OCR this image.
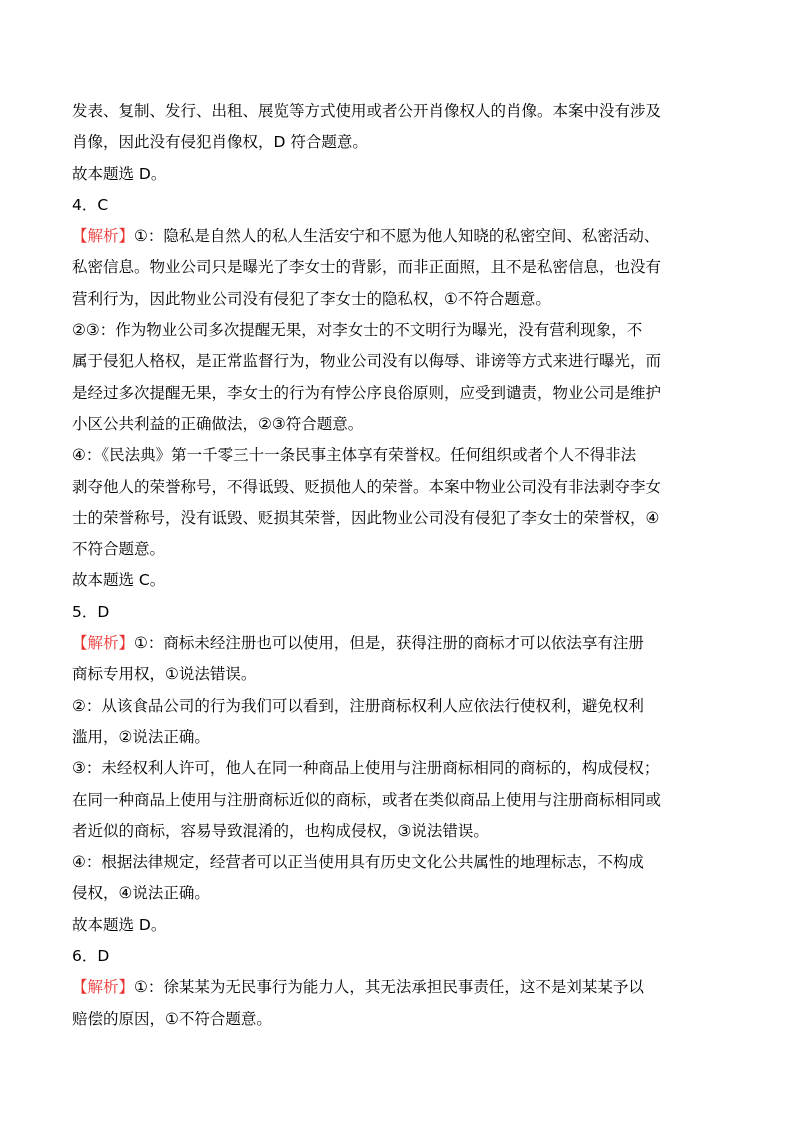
发表、复制、发行、出租、展览等方式使用或者公开肖像权人的肖像。本案中没有涉及
肖像，因此没有侵犯肖像权，D 符合题意。
故本题选 D。
4．C
【解析】①：隐私是自然人的私人生活安宁和不愿为他人知晓的私密空间、私密活动、
私密信息。物业公司只是曝光了李女士的背影，而非正面照，且不是私密信息，也没有
营利行为，因此物业公司没有侵犯了李女士的隐私权，①不符合题意。
②③：作为物业公司多次提醒无果，对李女士的不文明行为曝光，没有营利现象，不
属于侵犯人格权，是正常监督行为，物业公司没有以侮辱、诽谤等方式来进行曝光，而
是经过多次提醒无果，李女士的行为有悖公序良俗原则，应受到谴责，物业公司是维护
小区公共利益的正确做法，②③符合题意。
④：《民法典》第一千零三十一条民事主体享有荣誉权。任何组织或者个人不得非法
剥夺他人的荣誉称号，不得诋毁、贬损他人的荣誉。本案中物业公司没有非法剥夺李女
士的荣誉称号，没有诋毁、贬损其荣誉，因此物业公司没有侵犯了李女士的荣誉权，④
不符合题意。
故本题选 C。
5．D
【解析】①：商标未经注册也可以使用，但是，获得注册的商标才可以依法享有注册
商标专用权，①说法错误。
②：从该食品公司的行为我们可以看到，注册商标权利人应依法行使权利，避免权利
滥用，②说法正确。
③：未经权利人许可，他人在同一种商品上使用与注册商标相同的商标的，构成侵权；
在同一种商品上使用与注册商标近似的商标，或者在类似商品上使用与注册商标相同或
者近似的商标，容易导致混淆的，也构成侵权，③说法错误。
④：根据法律规定，经营者可以正当使用具有历史文化公共属性的地理标志，不构成
侵权，④说法正确。
故本题选 D。
6．D
【解析】①：徐某某为无民事行为能力人，其无法承担民事责任，这不是刘某某予以
赔偿的原因，①不符合题意。
